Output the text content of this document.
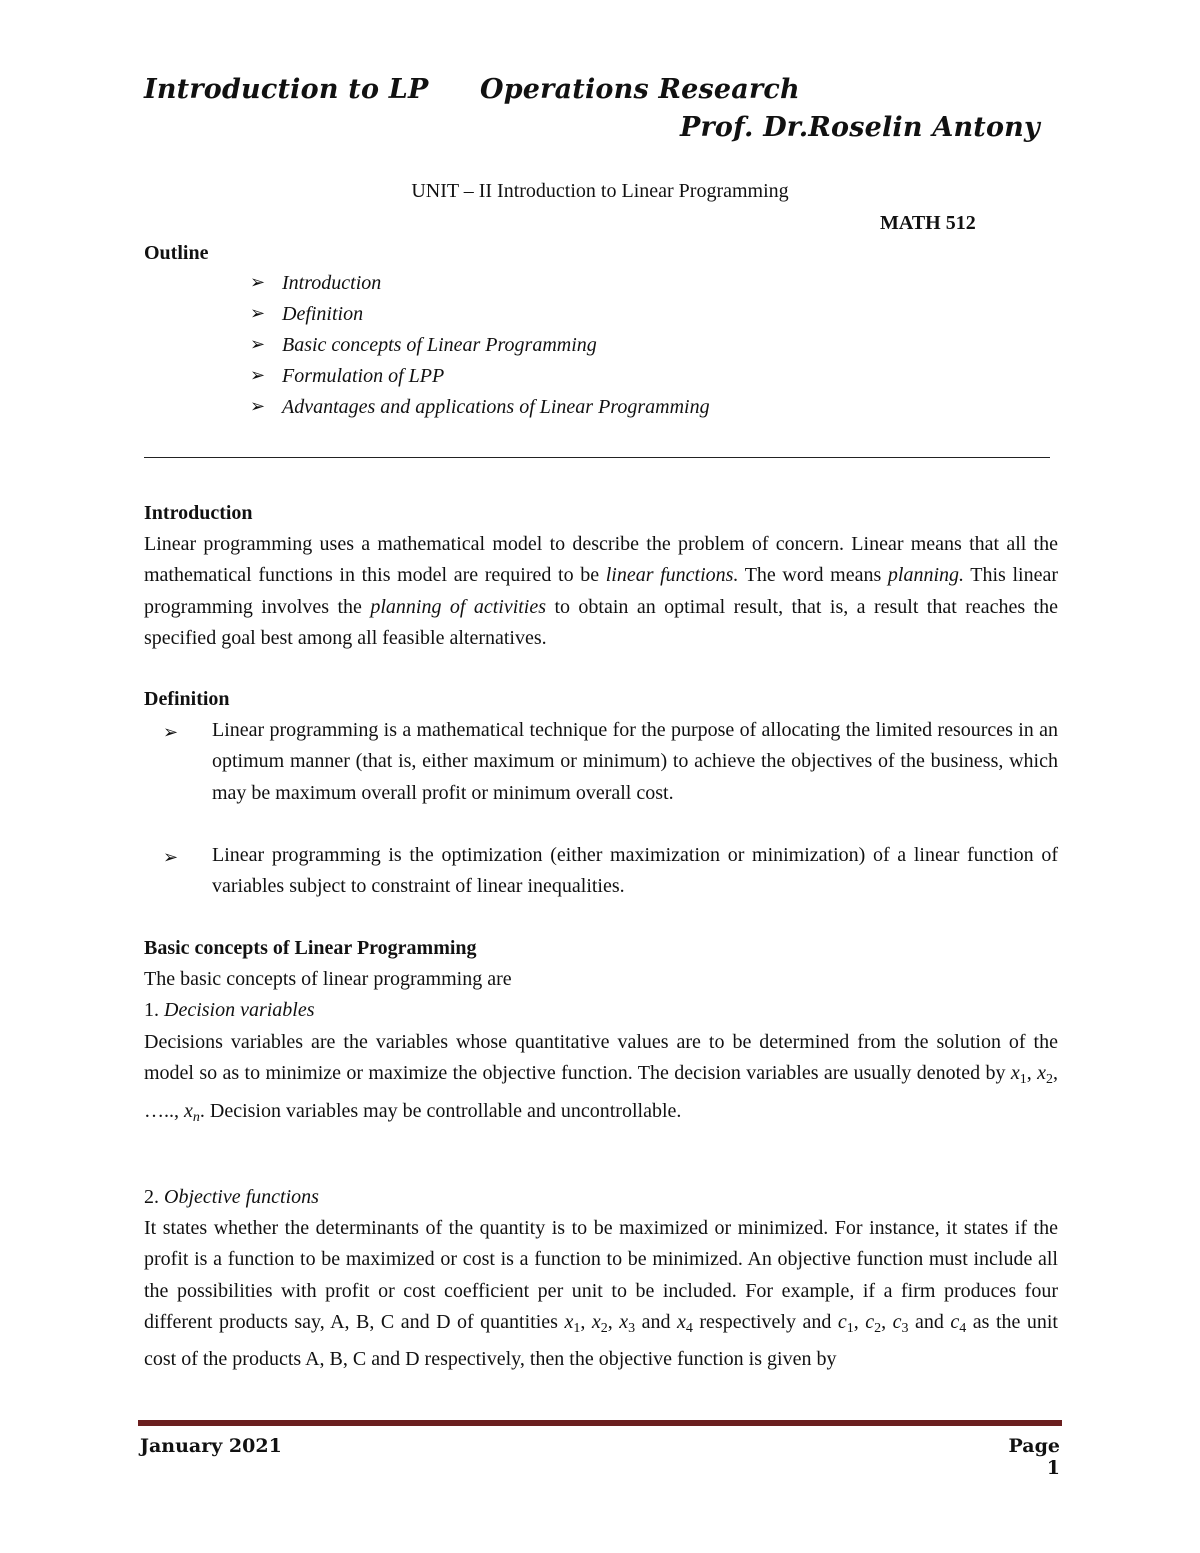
Introduction to LP Operations Research
Prof. Dr.Roselin Antony
UNIT – II Introduction to Linear Programming
MATH 512
Outline
➢ Introduction
➢ Definition
➢ Basic concepts of Linear Programming
➢ Formulation of LPP
➢ Advantages and applications of Linear Programming
Introduction
Linear programming uses a mathematical model to describe the problem of concern. Linear means that all the mathematical functions in this model are required to be linear functions. The word means planning. This linear programming involves the planning of activities to obtain an optimal result, that is, a result that reaches the specified goal best among all feasible alternatives.
Definition
➢ Linear programming is a mathematical technique for the purpose of allocating the limited resources in an optimum manner (that is, either maximum or minimum) to achieve the objectives of the business, which may be maximum overall profit or minimum overall cost.
➢ Linear programming is the optimization (either maximization or minimization) of a linear function of variables subject to constraint of linear inequalities.
Basic concepts of Linear Programming
The basic concepts of linear programming are
1. Decision variables
Decisions variables are the variables whose quantitative values are to be determined from the solution of the model so as to minimize or maximize the objective function. The decision variables are usually denoted by $x_1$, $x_2$, ….., $x_n$. Decision variables may be controllable and uncontrollable.
2. Objective functions
It states whether the determinants of the quantity is to be maximized or minimized. For instance, it states if the profit is a function to be maximized or cost is a function to be minimized. An objective function must include all the possibilities with profit or cost coefficient per unit to be included. For example, if a firm produces four different products say, A, B, C and D of quantities $x_1$, $x_2$, $x_3$ and $x_4$ respectively and $c_1$, $c_2$, $c_3$ and $c_4$ as the unit cost of the products A, B, C and D respectively, then the objective function is given by
January 2021	Page 1
